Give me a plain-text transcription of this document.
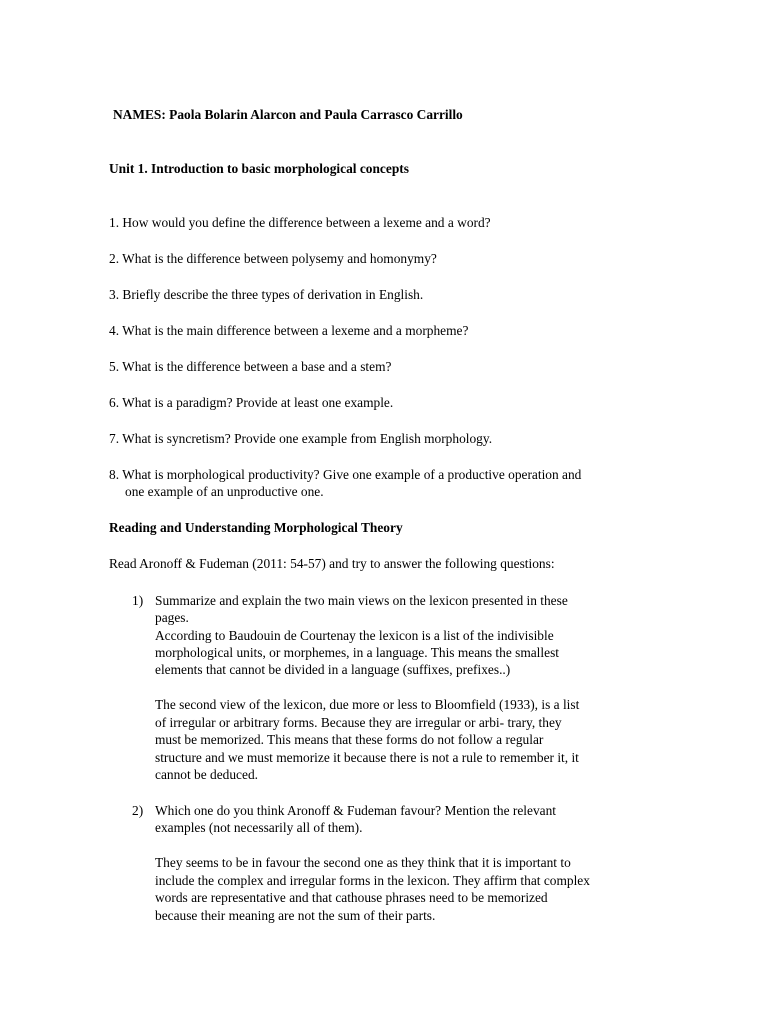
NAMES: Paola Bolarin Alarcon and Paula Carrasco Carrillo
Unit 1. Introduction to basic morphological concepts
1. How would you define the difference between a lexeme and a word?
2. What is the difference between polysemy and homonymy?
3. Briefly describe the three types of derivation in English.
4. What is the main difference between a lexeme and a morpheme?
5. What is the difference between a base and a stem?
6. What is a paradigm? Provide at least one example.
7. What is syncretism? Provide one example from English morphology.
8. What is morphological productivity? Give one example of a productive operation and
one example of an unproductive one.
Reading and Understanding Morphological Theory
Read Aronoff & Fudeman (2011: 54-57) and try to answer the following questions:
1) Summarize and explain the two main views on the lexicon presented in these
pages.
According to Baudouin de Courtenay the lexicon is a list of the indivisible
morphological units, or morphemes, in a language. This means the smallest
elements that cannot be divided in a language (suffixes, prefixes..)
The second view of the lexicon, due more or less to Bloomfield (1933), is a list
of irregular or arbitrary forms. Because they are irregular or arbi- trary, they
must be memorized. This means that these forms do not follow a regular
structure and we must memorize it because there is not a rule to remember it, it
cannot be deduced.
2) Which one do you think Aronoff & Fudeman favour? Mention the relevant
examples (not necessarily all of them).
They seems to be in favour the second one as they think that it is important to
include the complex and irregular forms in the lexicon. They affirm that complex
words are representative and that cathouse phrases need to be memorized
because their meaning are not the sum of their parts.
